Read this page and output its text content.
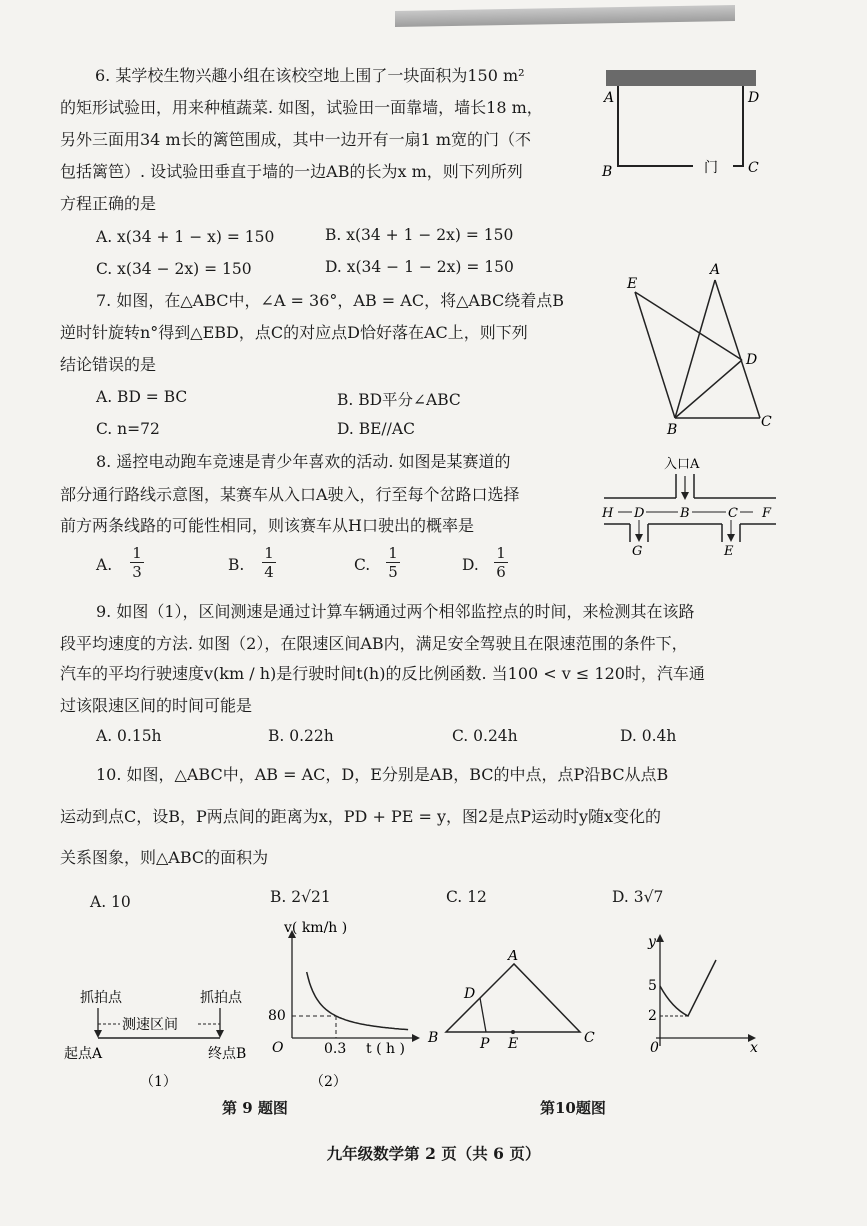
6. 某学校生物兴趣小组在该校空地上围了一块面积为150 m²
的矩形试验田，用来种植蔬菜. 如图，试验田一面靠墙，墙长18 m，
另外三面用34 m长的篱笆围成，其中一边开有一扇1 m宽的门（不
包括篱笆）. 设试验田垂直于墙的一边AB的长为x m，则下列所列
方程正确的是
A. x(34 + 1 − x) = 150	B. x(34 + 1 − 2x) = 150
C. x(34 − 2x) = 150	D. x(34 − 1 − 2x) = 150
A	D
B	C
门
7. 如图，在△ABC中，∠A = 36°，AB = AC，将△ABC绕着点B
逆时针旋转n°得到△EBD，点C的对应点D恰好落在AC上，则下列
结论错误的是
A. BD = BC	B. BD平分∠ABC
C. n=72	D. BE//AC
E
A
D
B	C
8. 遥控电动跑车竞速是青少年喜欢的活动. 如图是某赛道的
部分通行路线示意图，某赛车从入口A驶入，行至每个岔路口选择
前方两条线路的可能性相同，则该赛车从H口驶出的概率是
A. $\frac{1}{3}$	B. $\frac{1}{4}$	C. $\frac{1}{5}$	D. $\frac{1}{6}$
入口A
H D	B	C F
G	E
9. 如图（1），区间测速是通过计算车辆通过两个相邻监控点的时间，来检测其在该路
段平均速度的方法. 如图（2），在限速区间AB内，满足安全驾驶且在限速范围的条件下，
汽车的平均行驶速度v(km / h)是行驶时间t(h)的反比例函数. 当100 < v ≤ 120时，汽车通
过该限速区间的时间可能是
A. 0.15h	B. 0.22h	C. 0.24h	D. 0.4h
10. 如图，△ABC中，AB = AC，D，E分别是AB，BC的中点，点P沿BC从点B
运动到点C，设B，P两点间的距离为x，PD + PE = y，图2是点P运动时y随x变化的
关系图象，则△ABC的面积为
A. 10	B. 2√21	C. 12	D. 3√7
抓拍点	抓拍点
测速区间
起点A	终点B
（1）
v( km/h )
80
O	0.3 t ( h )
（2）
A
D
B	P E	C
y
5
2
0	x
第 9 题图	第10题图
九年级数学第 2 页（共 6 页）
